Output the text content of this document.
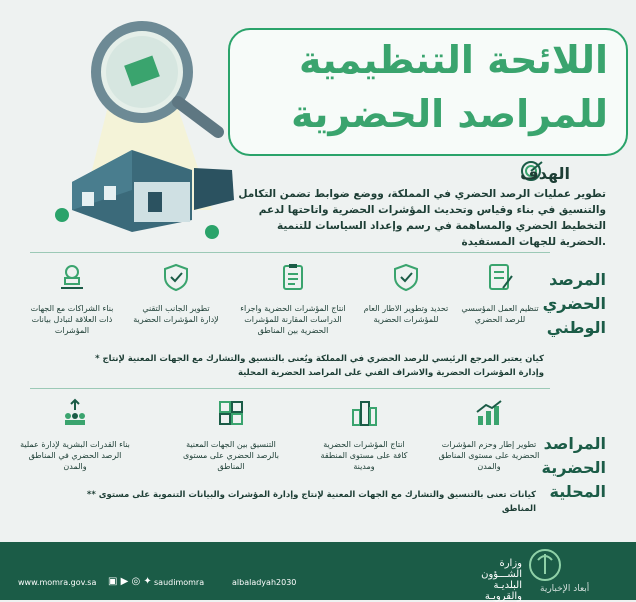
اللائحة التنظيمية
للمراصد الحضرية
الهدف
تطوير عمليات الرصد الحضري في المملكة، ووضع ضوابط تضمن التكامل والتنسيق في بناء وقياس وتحديث المؤشرات الحضرية واتاحتها لدعم التخطيط الحضري والمساهمة في رسم وإعداد السياسات للتنمية الحضرية للجهات المستفيدة.
المرصد
الحضري
الوطني
تنظيم العمل المؤسسي للرصد الحضري
تحديد وتطوير الاطار العام للمؤشرات الحضرية
انتاج المؤشرات الحضرية واجراء الدراسات المقارنة للمؤشرات الحضرية بين المناطق
تطوير الجانب التقني لإدارة المؤشرات الحضرية
بناء الشراكات مع الجهات ذات العلاقة لتبادل بيانات المؤشرات
* كيان يعتبر المرجع الرئيسي للرصد الحضري في المملكة ويُعنى بالتنسيق والتشارك مع الجهات المعنية لإنتاج
وإدارة المؤشرات الحضرية والاشراف الفني على المراصد الحضرية المحلية
المراصد
الحضرية
المحلية
تطوير إطار وحزم المؤشرات الحضرية على مستوى المناطق والمدن
انتاج المؤشرات الحضرية كافة على مستوى المنطقة ومدينة
التنسيق بين الجهات المعنية بالرصد الحضري على مستوى المناطق
بناء القدرات البشرية لإدارة عملية الرصد الحضري في المناطق والمدن
** كيانات تعنى بالتنسيق والتشارك مع الجهات المعنية لإنتاج وإدارة المؤشرات والبيانات التنموية على مستوى المناطق
www.momra.gov.sa ▣ ▶ ◎ ✦ saudimomra	albaladyah2030
وزارة الشـــؤون
البلديـة والقرويـة
أبعاد الإخبارية
